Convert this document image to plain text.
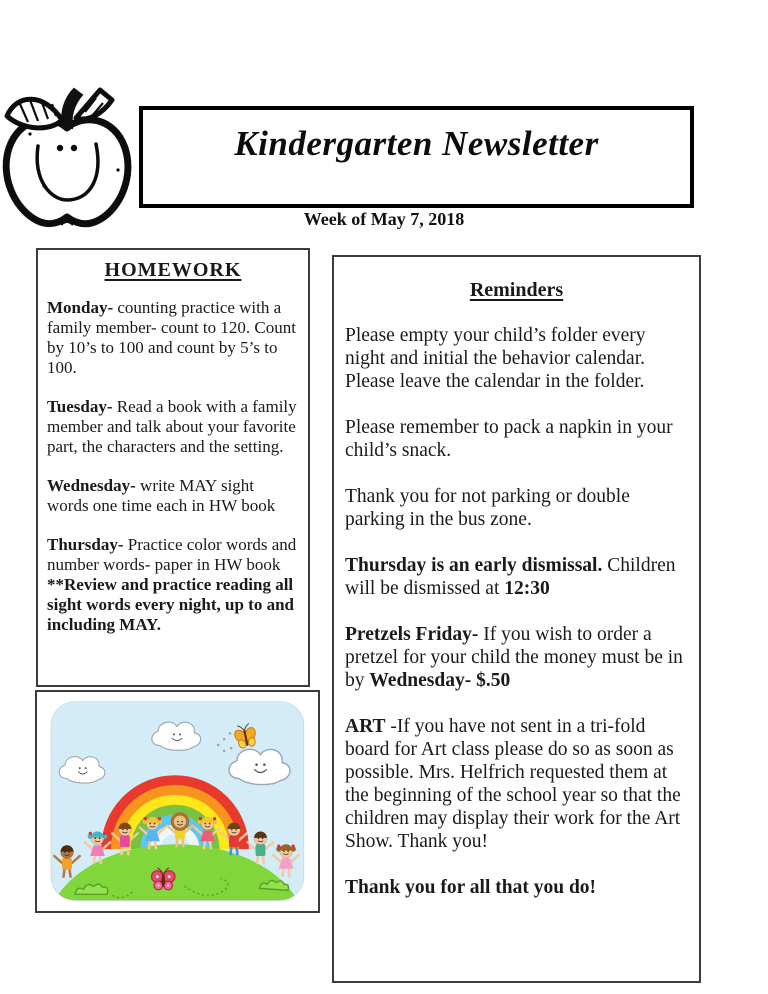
Kindergarten Newsletter
Week of May 7, 2018
HOMEWORK

Monday- counting practice with a family member- count to 120. Count by 10’s to 100 and count by 5’s to 100.

Tuesday- Read a book with a family member and talk about your favorite part, the characters and the setting.

Wednesday- write MAY sight words one time each in HW book

Thursday- Practice color words and number words- paper in HW book

**Review and practice reading all sight words every night, up to and including MAY.

Reminders

Please empty your child’s folder every night and initial the behavior calendar. Please leave the calendar in the folder.

Please remember to pack a napkin in your child’s snack.

Thank you for not parking or double parking in the bus zone.

Thursday is an early dismissal. Children will be dismissed at 12:30

Pretzels Friday- If you wish to order a pretzel for your child the money must be in by Wednesday- $.50

ART -If you have not sent in a tri-fold board for Art class please do so as soon as possible. Mrs. Helfrich requested them at the beginning of the school year so that the children may display their work for the Art Show. Thank you!

Thank you for all that you do!
